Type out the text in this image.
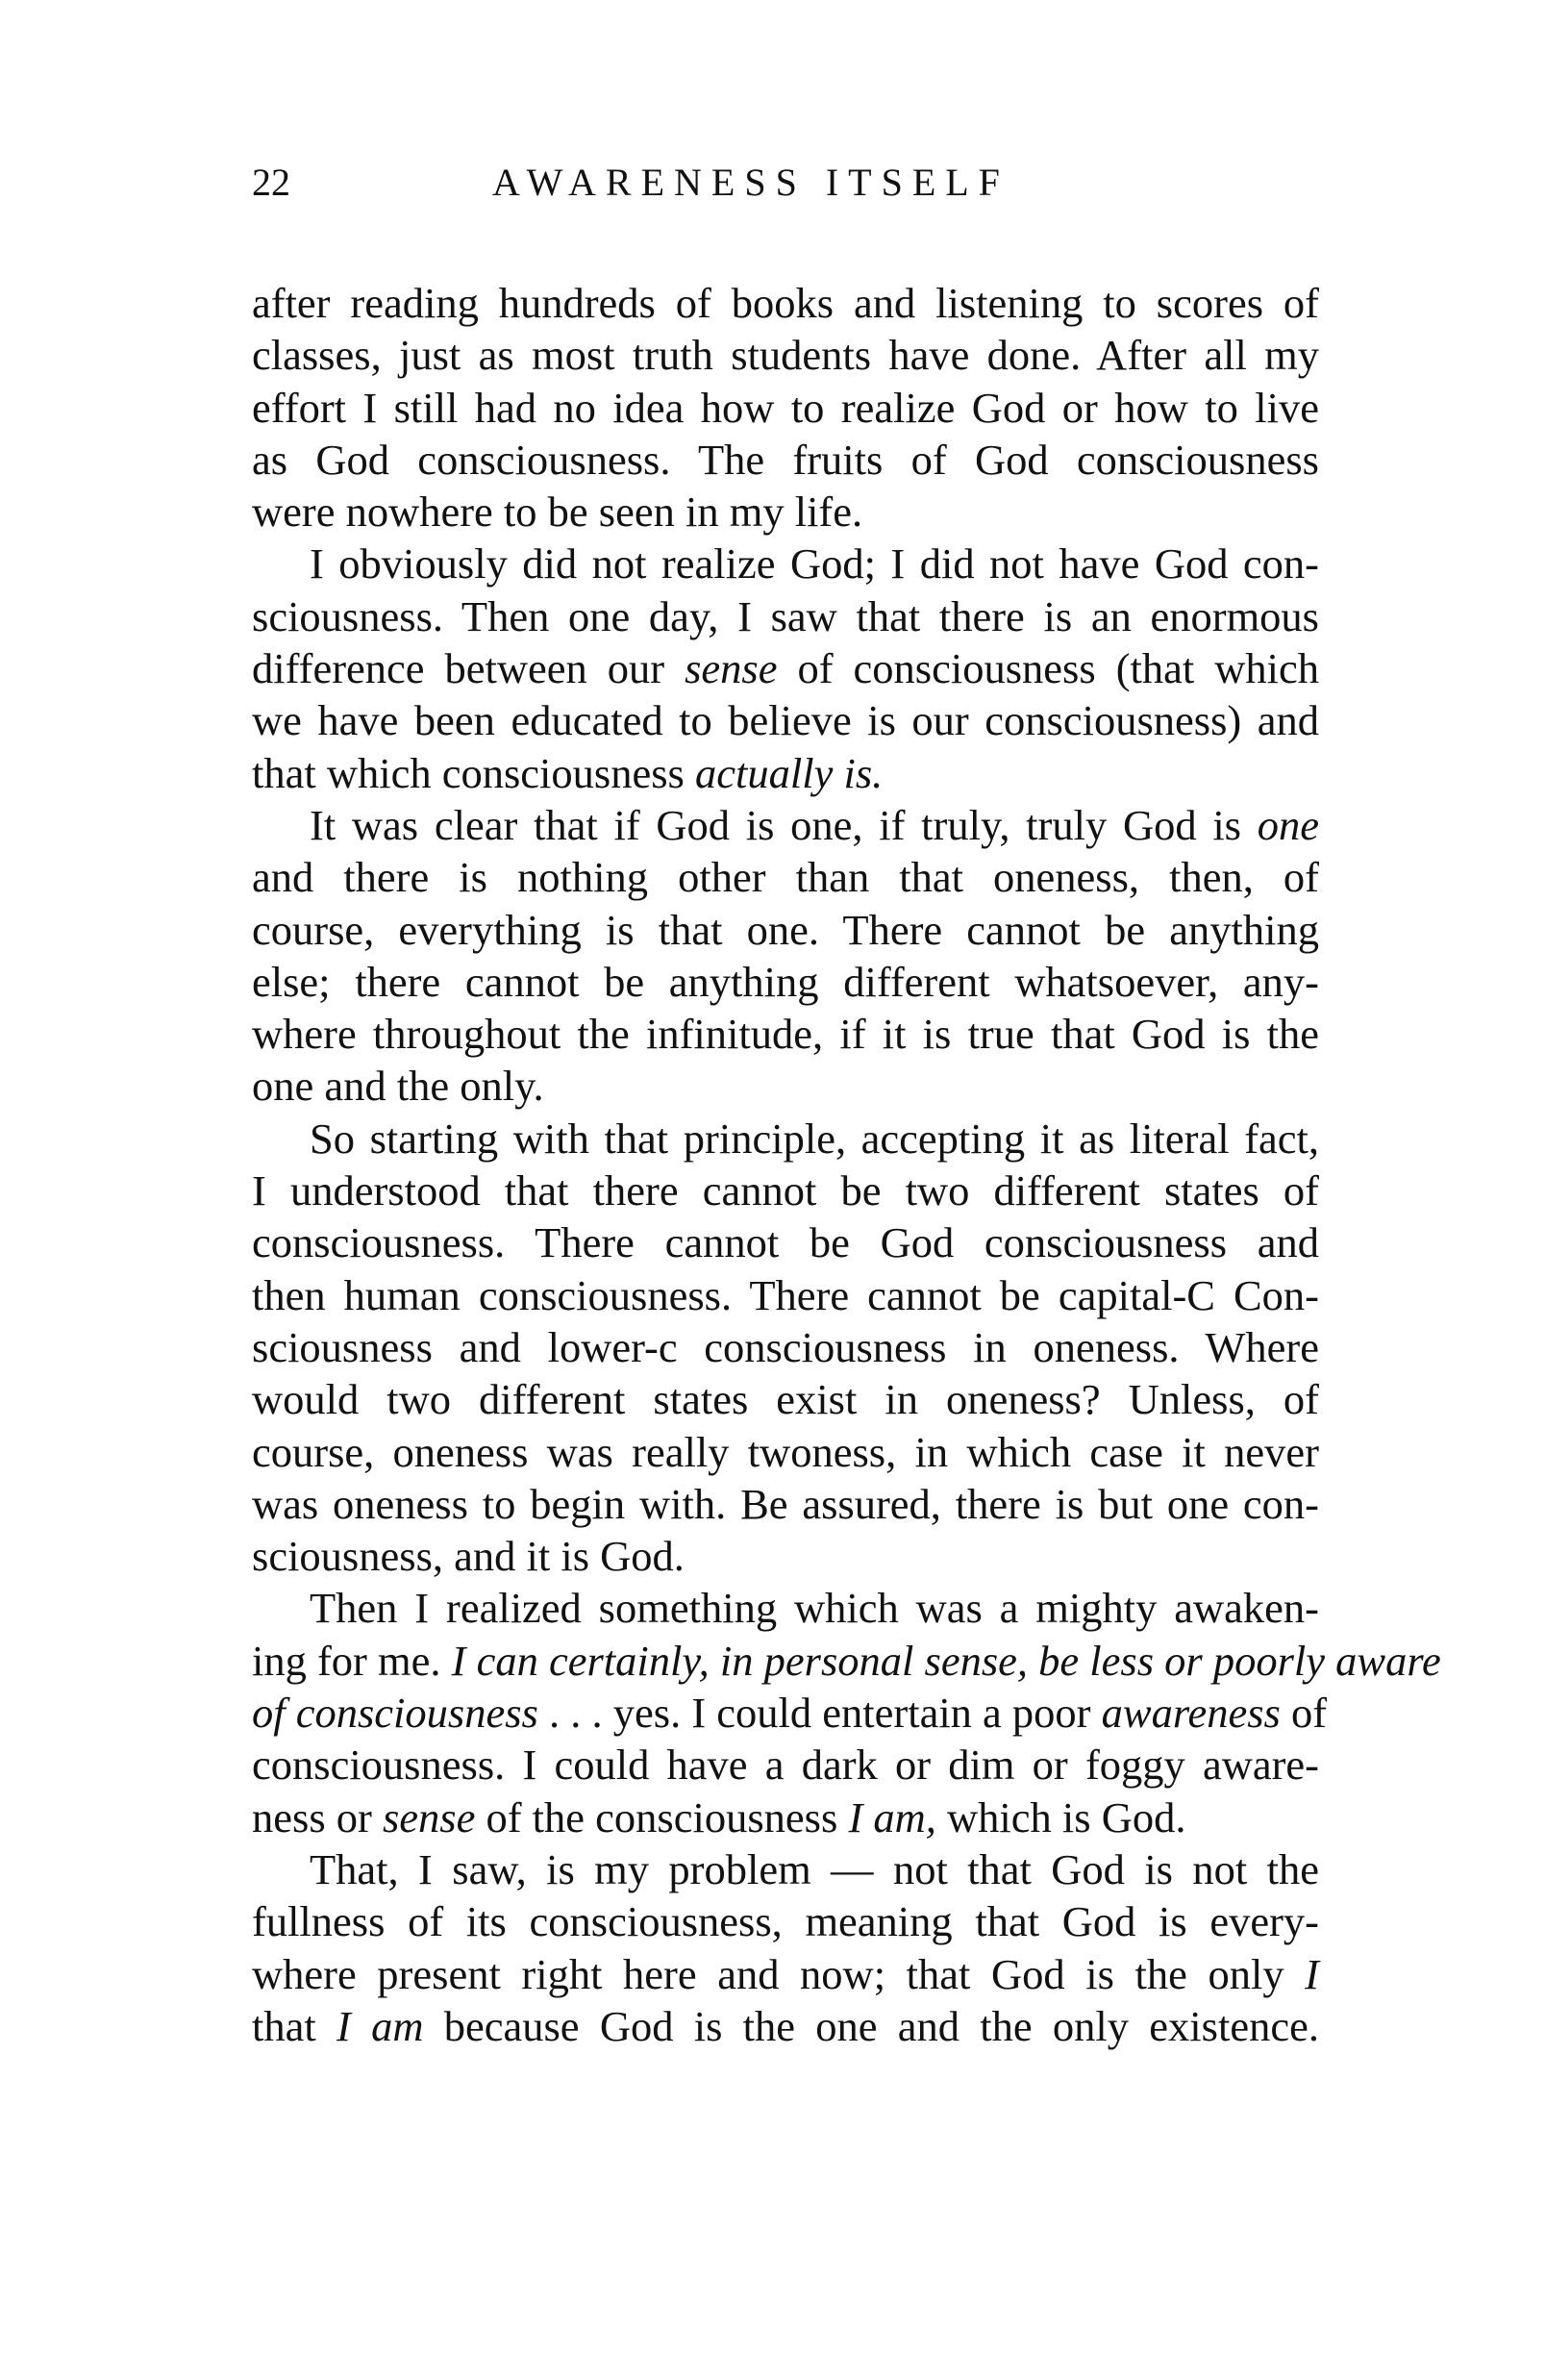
22	AWARENESS ITSELF
after reading hundreds of books and listening to scores of
classes, just as most truth students have done. After all my
effort I still had no idea how to realize God or how to live
as God consciousness. The fruits of God consciousness
were nowhere to be seen in my life.
I obviously did not realize God; I did not have God con-
sciousness. Then one day, I saw that there is an enormous
difference between our sense of consciousness (that which
we have been educated to believe is our consciousness) and
that which consciousness actually is.
It was clear that if God is one, if truly, truly God is one
and there is nothing other than that oneness, then, of
course, everything is that one. There cannot be anything
else; there cannot be anything different whatsoever, any-
where throughout the infinitude, if it is true that God is the
one and the only.
So starting with that principle, accepting it as literal fact,
I understood that there cannot be two different states of
consciousness. There cannot be God consciousness and
then human consciousness. There cannot be capital-C Con-
sciousness and lower-c consciousness in oneness. Where
would two different states exist in oneness? Unless, of
course, oneness was really twoness, in which case it never
was oneness to begin with. Be assured, there is but one con-
sciousness, and it is God.
Then I realized something which was a mighty awaken-
ing for me. I can certainly, in personal sense, be less or poorly aware
of consciousness . . . yes. I could entertain a poor awareness of
consciousness. I could have a dark or dim or foggy aware-
ness or sense of the consciousness I am, which is God.
That, I saw, is my problem — not that God is not the
fullness of its consciousness, meaning that God is every-
where present right here and now; that God is the only I
that I am because God is the one and the only existence.
